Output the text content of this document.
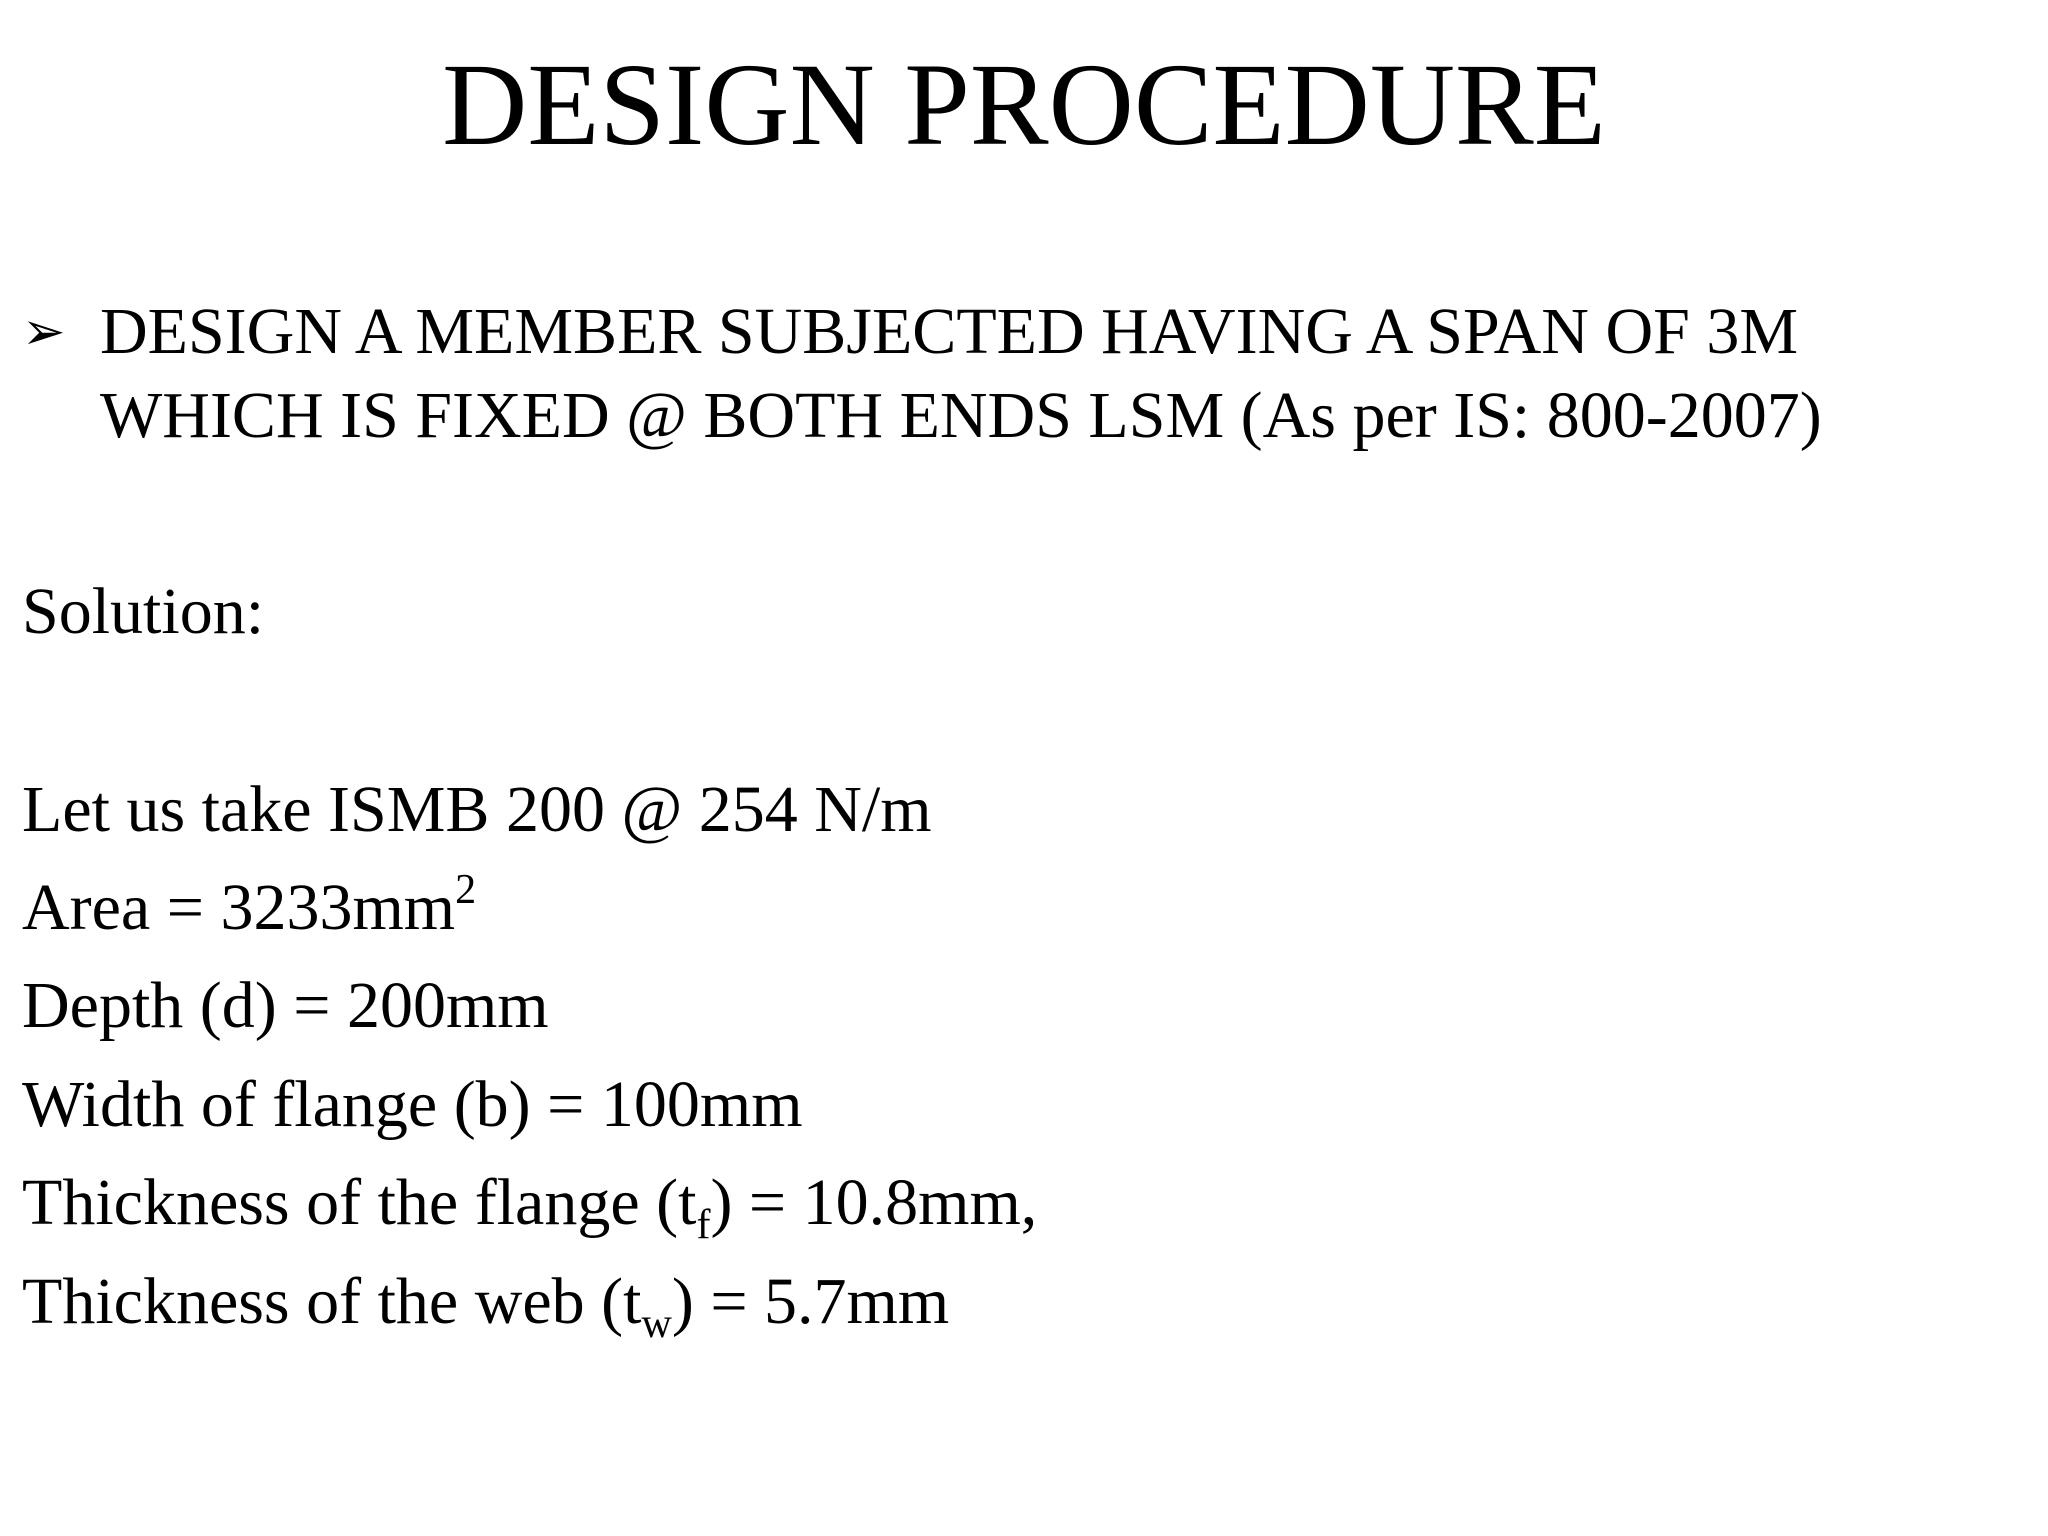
DESIGN PROCEDURE
➢ DESIGN A MEMBER SUBJECTED HAVING A SPAN OF 3M
WHICH IS FIXED @ BOTH ENDS LSM (As per IS: 800-2007)
Solution:
Let us take ISMB 200 @ 254 N/m
Area = $3233mm^2$
Depth (d) = 200mm
Width of flange (b) = 100mm
Thickness of the flange $(t_f) = 10.8mm$,
Thickness of the web $(t_w) = 5.7mm$
